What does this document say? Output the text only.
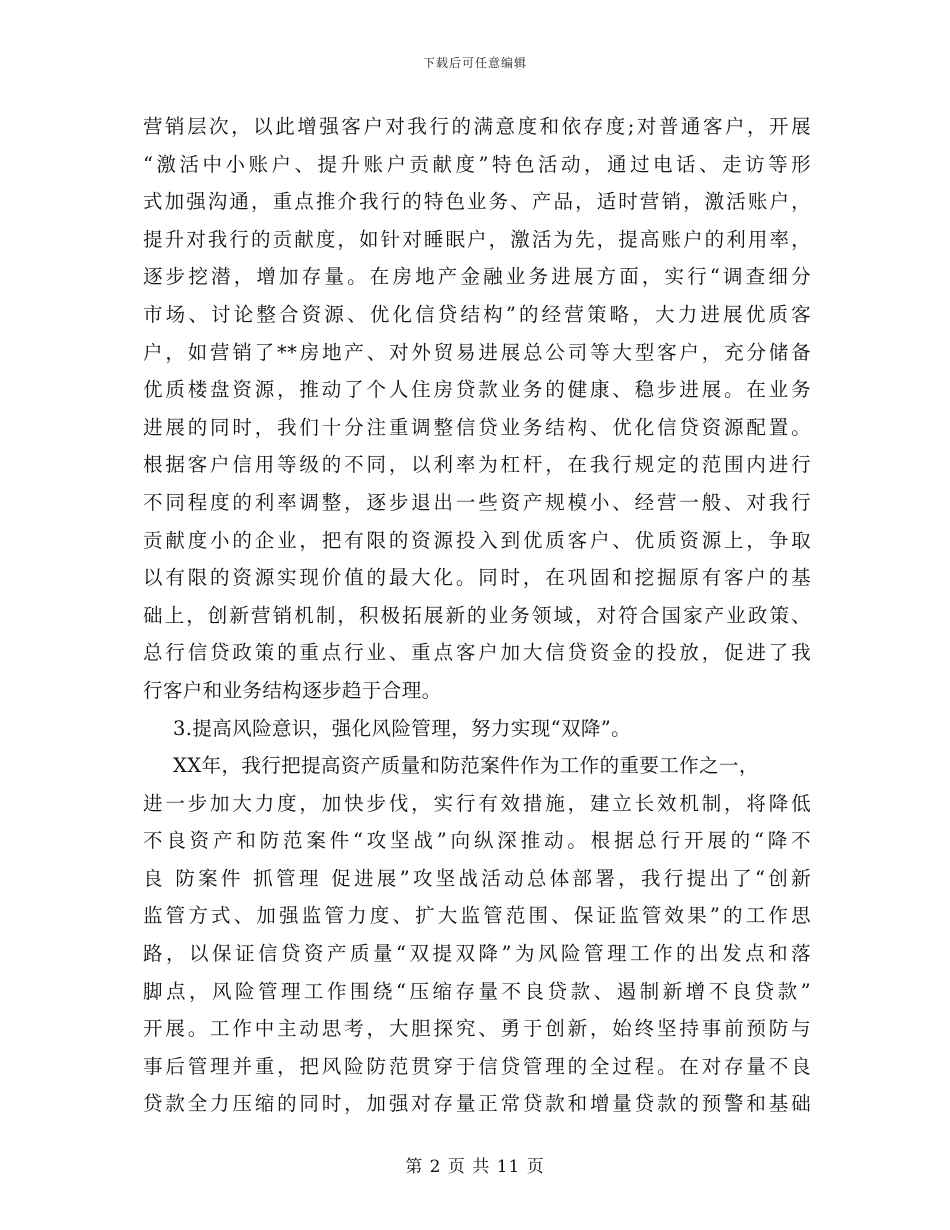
下载后可任意编辑
营销层次，以此增强客户对我行的满意度和依存度;对普通客户，开展
“激活中小账户、提升账户贡献度”特色活动，通过电话、走访等形
式加强沟通，重点推介我行的特色业务、产品，适时营销，激活账户，
提升对我行的贡献度，如针对睡眠户，激活为先，提高账户的利用率，
逐步挖潜，增加存量。在房地产金融业务进展方面，实行“调查细分
市场、讨论整合资源、优化信贷结构”的经营策略，大力进展优质客
户，如营销了**房地产、对外贸易进展总公司等大型客户，充分储备
优质楼盘资源，推动了个人住房贷款业务的健康、稳步进展。在业务
进展的同时，我们十分注重调整信贷业务结构、优化信贷资源配置。
根据客户信用等级的不同，以利率为杠杆，在我行规定的范围内进行
不同程度的利率调整，逐步退出一些资产规模小、经营一般、对我行
贡献度小的企业，把有限的资源投入到优质客户、优质资源上，争取
以有限的资源实现价值的最大化。同时，在巩固和挖掘原有客户的基
础上，创新营销机制，积极拓展新的业务领域，对符合国家产业政策、
总行信贷政策的重点行业、重点客户加大信贷资金的投放，促进了我
行客户和业务结构逐步趋于合理。
3.提高风险意识，强化风险管理，努力实现“双降”。
XX年，我行把提高资产质量和防范案件作为工作的重要工作之一，
进一步加大力度，加快步伐，实行有效措施，建立长效机制，将降低
不良资产和防范案件“攻坚战”向纵深推动。根据总行开展的“降不
良 防案件 抓管理 促进展”攻坚战活动总体部署，我行提出了“创新
监管方式、加强监管力度、扩大监管范围、保证监管效果”的工作思
路，以保证信贷资产质量“双提双降”为风险管理工作的出发点和落
脚点，风险管理工作围绕“压缩存量不良贷款、遏制新增不良贷款”
开展。工作中主动思考，大胆探究、勇于创新，始终坚持事前预防与
事后管理并重，把风险防范贯穿于信贷管理的全过程。在对存量不良
贷款全力压缩的同时，加强对存量正常贷款和增量贷款的预警和基础
第 2 页 共 11 页
